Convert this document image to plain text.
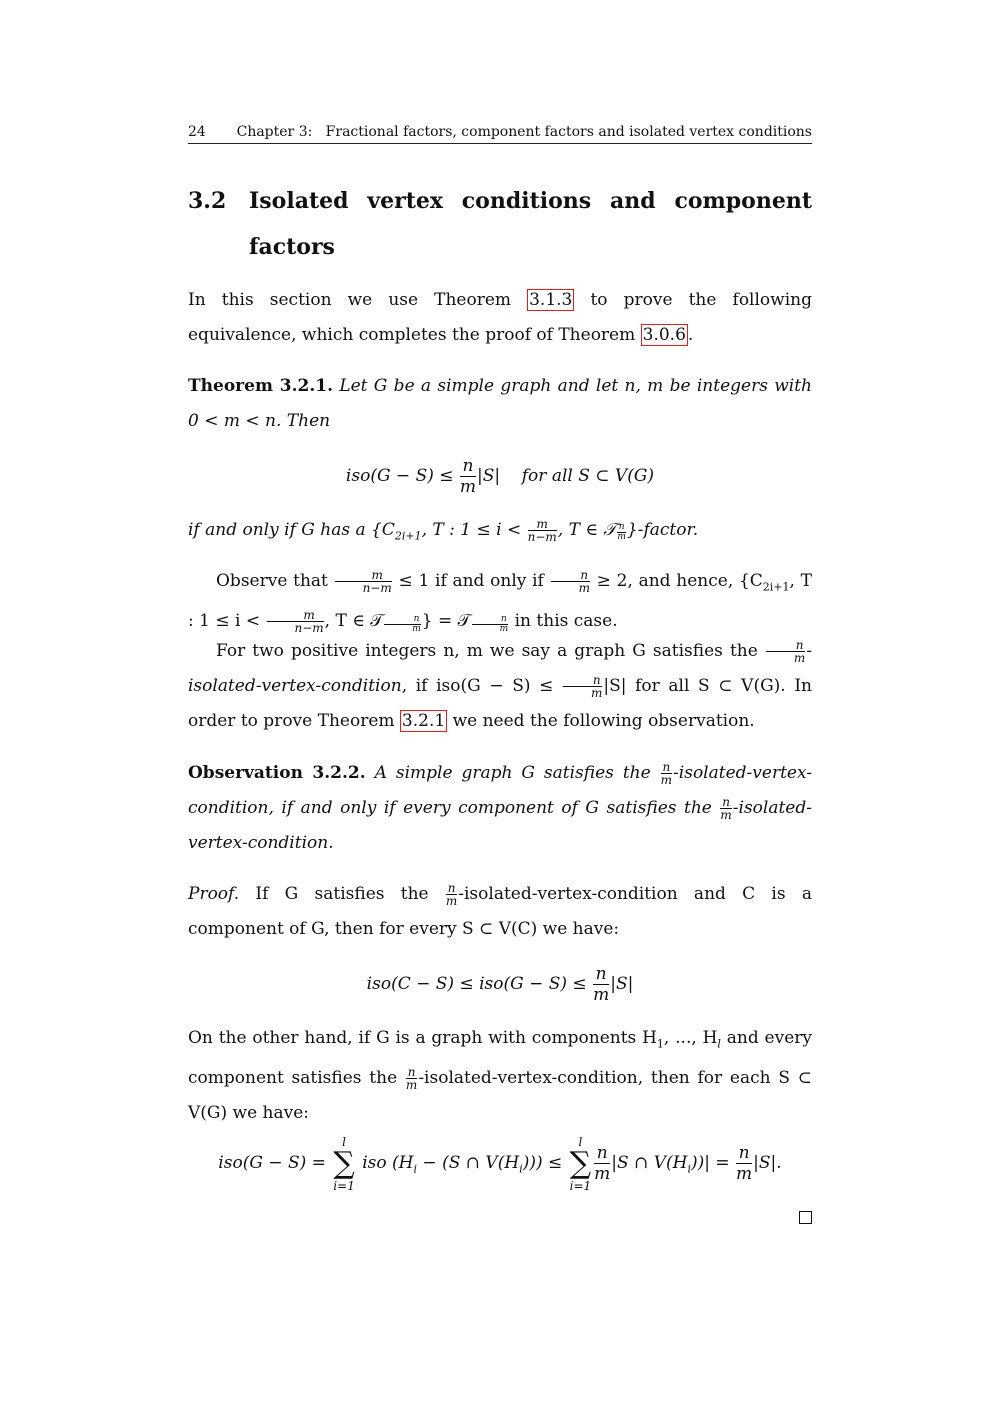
24	Chapter 3:   Fractional factors, component factors and isolated vertex conditions
3.2	Isolated vertex conditions and component factors
In this section we use Theorem 3.1.3 to prove the following equivalence, which completes the proof of Theorem 3.0.6 .
Theorem 3.2.1. Let G be a simple graph and let n, m be integers with 0 < m < n. Then
$iso(G - S) \le \frac{n}{m} |S|$    for all S ⊂ V(G)
if and only if G has a {$C_{2i+1}$, T : $1 \le i < \frac{m}{n-m}$ , T ∈ 𝒯 $\frac{n}{m}$ }-factor.
Observe that $\frac{m}{n-m} \le 1$ if and only if $\frac{n}{m} \ge 2$, and hence, {$C_{2i+1}$, T : $1 \le i < \frac{m}{n-m}$ , T ∈ 𝒯 $\frac{n}{m}$ } = 𝒯 $\frac{n}{m}$ in this case.
For two positive integers n, m we say a graph G satisfies the $\frac{n}{m}$ -isolated-vertex-condition, if $iso(G - S) \le \frac{n}{m} |S|$ for all S ⊂ V(G). In order to prove Theorem 3.2.1 we need the following observation.
Observation 3.2.2. A simple graph G satisfies the $\frac{n}{m}$ -isolated-vertex-condition, if and only if every component of G satisfies the $\frac{n}{m}$ -isolated-vertex-condition.
Proof. If G satisfies the $\frac{n}{m}$ -isolated-vertex-condition and C is a component of G, then for every S ⊂ V(C) we have:
$iso(C - S) \le iso(G - S) \le \frac{n}{m} |S|$
On the other hand, if G is a graph with components $H_1$, ..., $H_l$ and every component satisfies the $\frac{n}{m}$ -isolated-vertex-condition, then for each S ⊂ V(G) we have:
iso(G − S) =
l
∑
i=1
iso ($H_i - (S$ ∩ $V(H_i)$)) ≤
l
∑
i=1
$\frac{n}{m} |S$ ∩ $V(H_i))| = \frac{n}{m} |S|$.
